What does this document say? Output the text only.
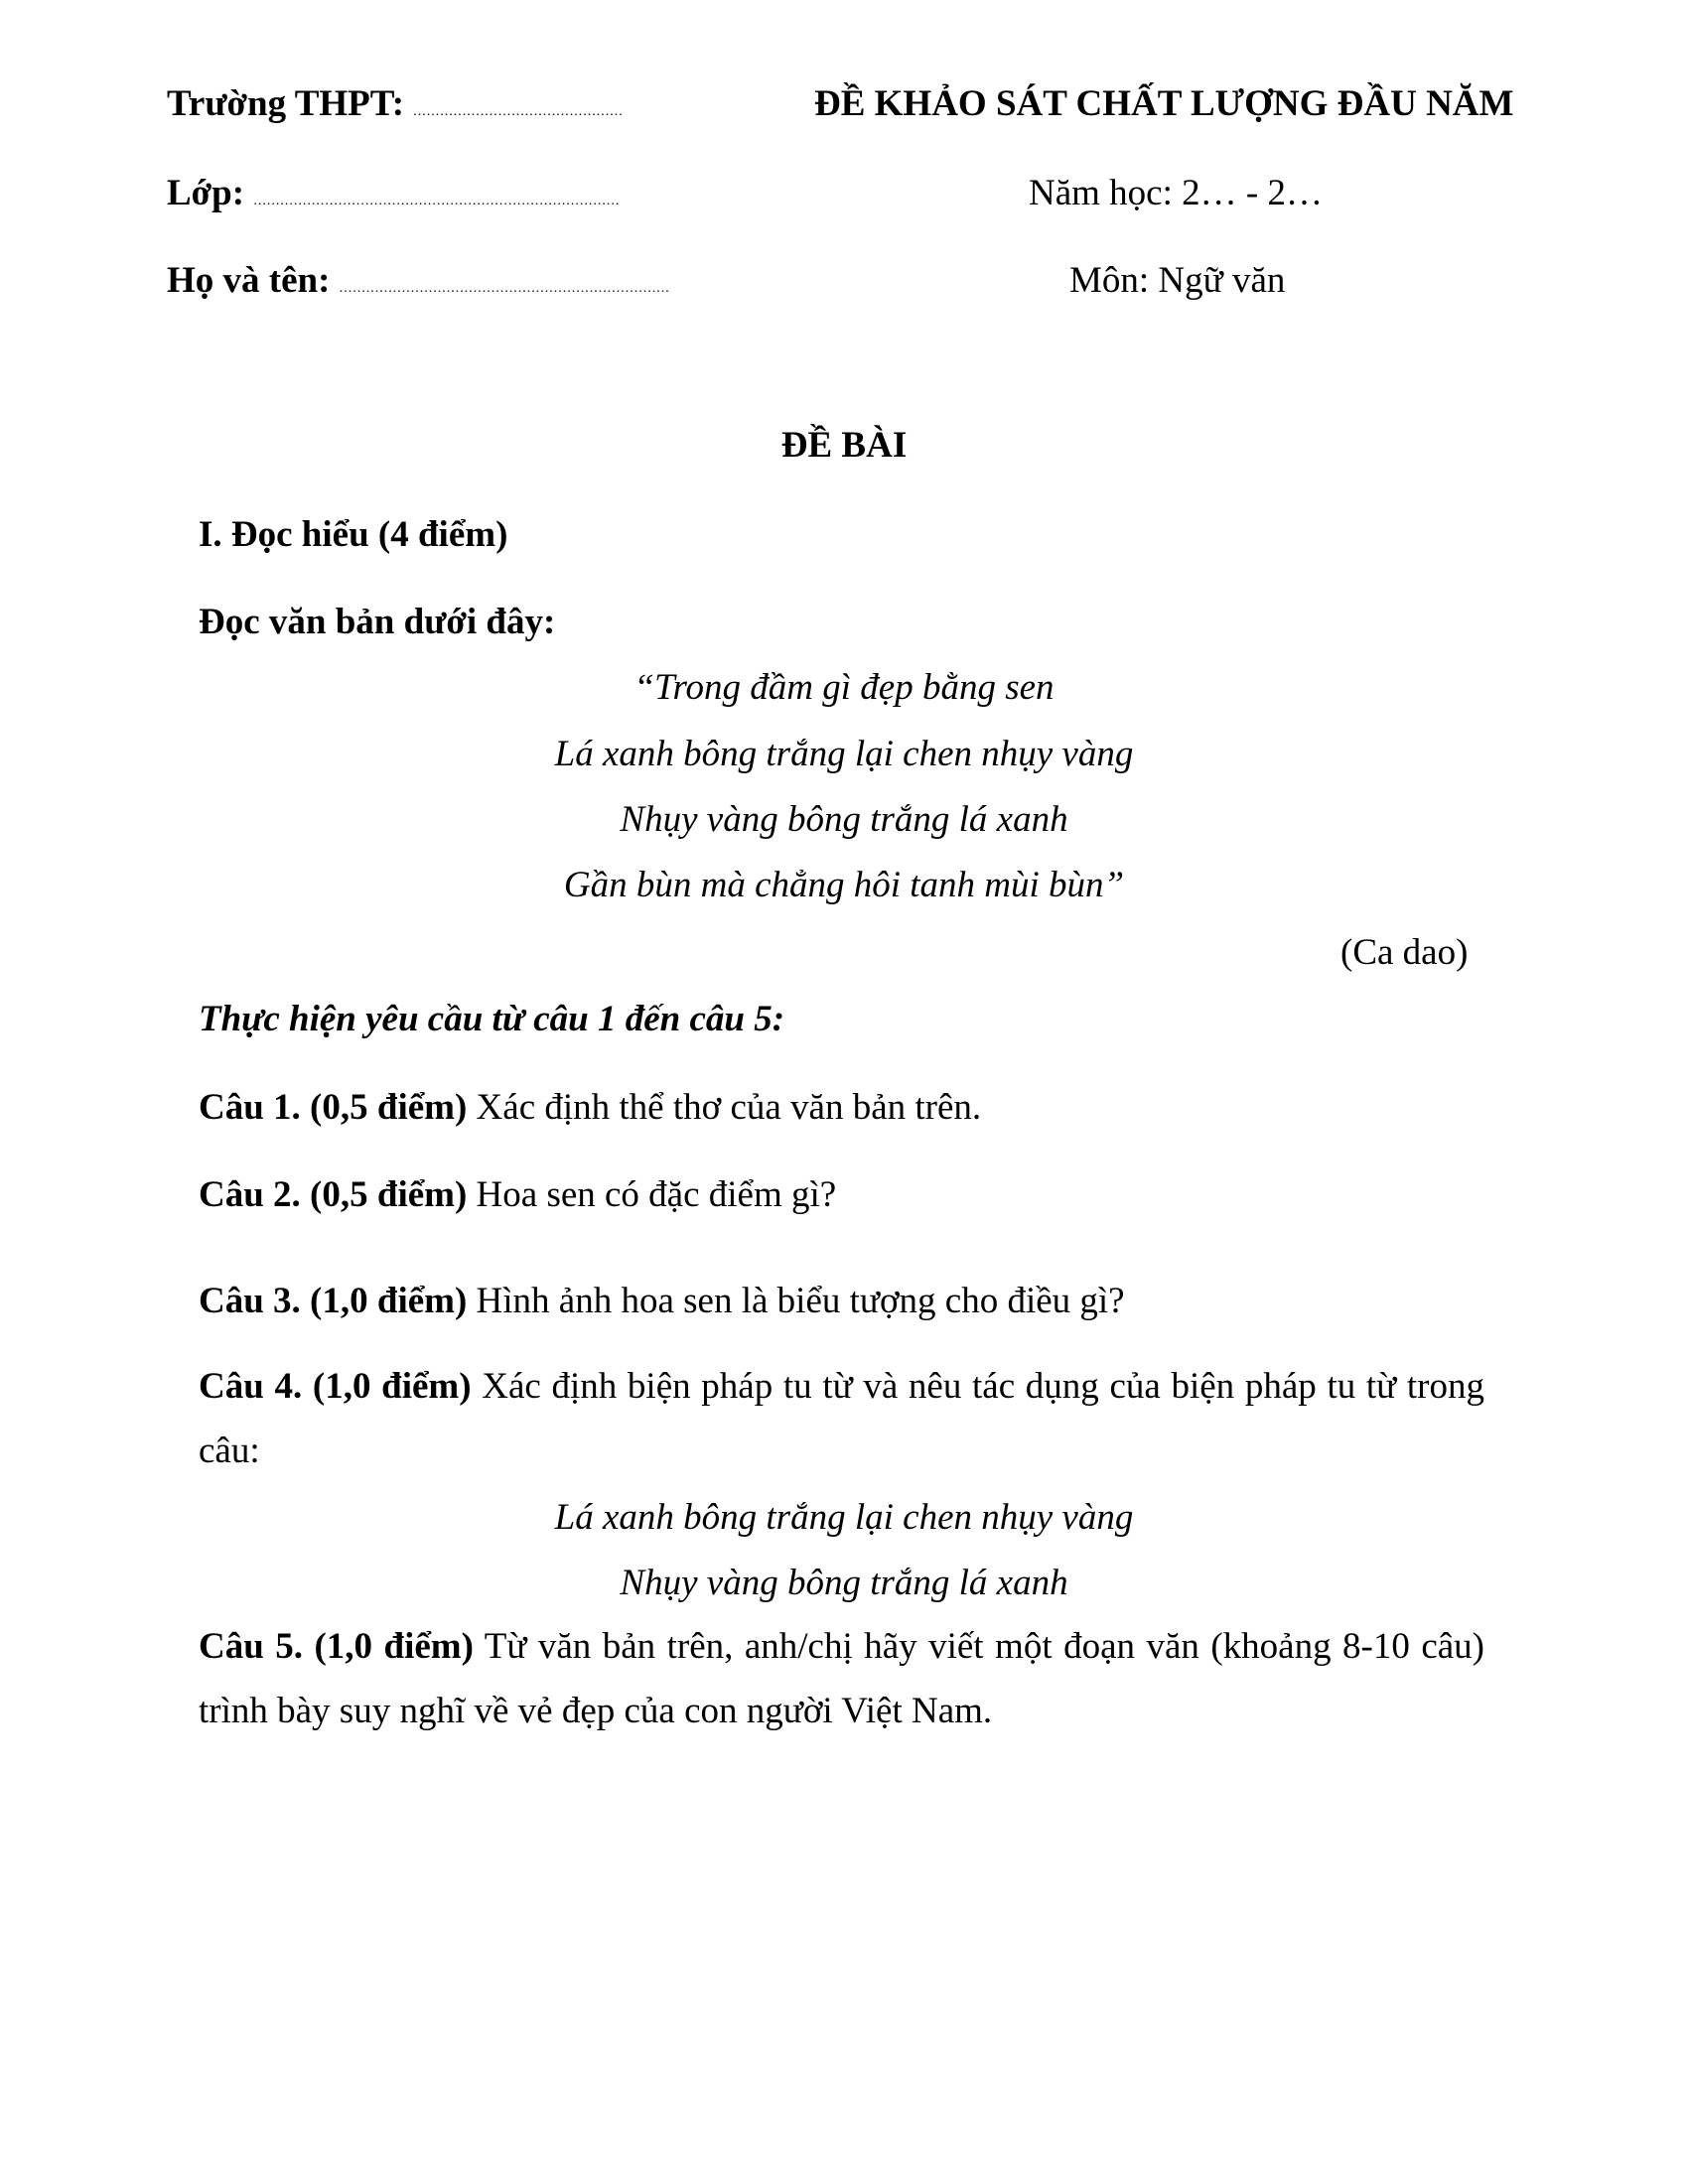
Trường THPT: ...............................................	ĐỀ KHẢO SÁT CHẤT LƯỢNG ĐẦU NĂM
Lớp: ..................................................................................	Năm học: 2… - 2…
Họ và tên: ..........................................................................	Môn: Ngữ văn
ĐỀ BÀI
I. Đọc hiểu (4 điểm)
Đọc văn bản dưới đây:
“Trong đầm gì đẹp bằng sen
Lá xanh bông trắng lại chen nhụy vàng
Nhụy vàng bông trắng lá xanh
Gần bùn mà chẳng hôi tanh mùi bùn”
(Ca dao)
Thực hiện yêu cầu từ câu 1 đến câu 5:
Câu 1. (0,5 điểm) Xác định thể thơ của văn bản trên.
Câu 2. (0,5 điểm) Hoa sen có đặc điểm gì?
Câu 3. (1,0 điểm) Hình ảnh hoa sen là biểu tượng cho điều gì?
Câu 4. (1,0 điểm) Xác định biện pháp tu từ và nêu tác dụng của biện pháp tu từ trong câu:
Lá xanh bông trắng lại chen nhụy vàng
Nhụy vàng bông trắng lá xanh
Câu 5. (1,0 điểm) Từ văn bản trên, anh/chị hãy viết một đoạn văn (khoảng 8-10 câu) trình bày suy nghĩ về vẻ đẹp của con người Việt Nam.
